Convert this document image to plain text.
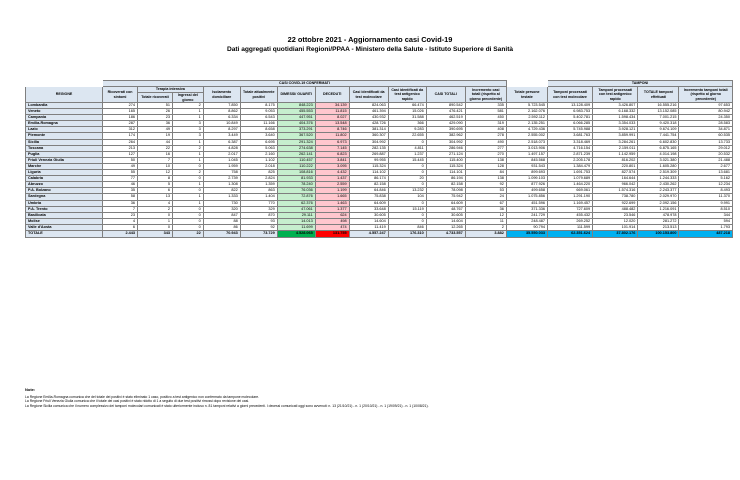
22 ottobre 2021 - Aggiornamento casi Covid-19
Dati aggregati quotidiani Regioni/PPAA - Ministero della Salute - Istituto Superiore di Sanità
	CASI COVID-19 CONFERMATI												TAMPONI			
REGIONE	Ricoverati con sintomi	Terapia intensiva		Isolamento domiciliare	Totale attualmente positivi	DIMESSI/ GUARITI	DECEDUTI	Casi identificati da test molecolare	Casi identificati da test antigenico rapido	CASI TOTALI	Incremento casi totali (rispetto al giorno precedente)	Totale persone testate	Tamponi processati con test molecolare	Tamponi processati con test antigenico rapido	TOTALE tamponi effettuati	Incremento tamponi totali (rispetto al giorno precedente)
		Totale ricoverati	Ingressi del giorno													
Lombardia	274	51	2	7.850	8.175	848.223	34.139	824.063	66.474	890.542	335	5.723.545	13.128.409	3.426.807	16.555.216	97.653
Veneto	165	26	1	8.862	9.053	455.553	11.815	461.394	15.026	476.421	581	2.162.076	6.983.753	6.168.332	13.152.085	80.942
Campania	186	23	1	6.334	6.543	447.951	8.027	430.932	31.588	462.519	450	2.592.112	5.402.781	1.598.434	7.001.215	24.350
Emilia-Romagna	287	36	3	10.849	11.166	404.376	13.548	428.726	366	429.090	319	2.135.251	6.066.285	3.354.033	9.420.318	28.583
Lazio	312	49	3	8.297	8.658	373.291	8.746	381.314	9.283	390.695	408	4.729.436	5.745.988	3.928.121	9.674.109	34.871
Piemonte	174	19	3	3.449	3.640	367.520	11.802	360.307	22.655	382.962	278	2.555.002	3.681.763	3.859.991	7.441.754	60.535
Sicilia	264	44	1	6.387	6.695	291.324	6.973	304.992	0	304.992	490	2.518.073	3.318.469	3.284.261	6.602.830	13.733
Toscana	213	22	2	4.828	5.063	274.638	7.145	282.135	4.811	286.946	277	3.013.906	4.716.154	2.159.011	6.875.165	29.012
Puglia	127	16	1	2.017	2.160	262.141	6.823	269.887	1.237	271.124	270	1.497.157	2.871.239	1.142.959	4.014.198	20.532
Friuli Venezia Giulia	50	7	1	1.045	1.102	110.457	3.841	99.955	15.445	115.400	138	845.568	2.205.178	816.202	3.021.380	21.488
Marche	49	10	0	1.959	2.018	110.222	3.095	115.324	0	115.324	128	931.543	1.384.479	220.801	1.605.280	2.677
Liguria	55	12	2	758	825	108.816	4.432	114.102	0	114.101	84	899.693	1.691.753	827.574	2.519.309	13.681
Calabria	77	8	0	2.739	2.824	81.933	1.437	86.174	20	86.194	138	1.099.103	1.079.689	164.644	1.244.333	5.162
Abruzzo	46	5	1	1.308	1.359	78.240	2.559	82.158	0	82.158	92	877.926	1.464.220	966.042	2.430.262	12.234
P.A. Bolzano	35	6	0	822	863	76.036	1.199	64.846	13.232	78.098	53	499.658	669.061	1.574.316	2.243.377	8.493
Sardegna	58	13	1	1.333	1.404	72.876	1.665	75.838	104	75.942	24	1.075.856	1.291.190	738.780	2.029.970	11.370
Umbria	36	4	1	730	770	62.376	1.463	64.609	0	64.609	67	451.596	1.169.457	922.699	2.092.156	9.991
P.A. Trento	7	2	0	320	329	47.061	1.377	33.648	15.119	48.767	36	371.336	727.609	488.482	1.216.091	8.510
Basilicata	23	0	0	847	870	29.111	624	30.605	0	30.605	12	241.729	455.432	23.546	478.978	344
Molise	4	1	0	88	93	14.013	498	14.604	0	14.604	11	248.487	269.252	12.020	281.272	594
Valle d'Aosta	6	0	0	86	92	11.699	474	11.419	846	12.265	2	90.794	111.599	101.914	213.513	1.793
TOTALE	2.443	343	22	70.943	73.729	4.528.065	131.755	4.557.247	176.310	4.733.557	3.882	35.550.033	62.351.624	37.802.176	100.153.800	487.218
Note:
La Regione Emilia-Romagna comunica che del totale dei positivi è stato eliminato 1 caso, positivo a test antigenico non confermato da tampone molecolare.
La Regione Friuli Venezia Giulia comunica che il totale dei casi positivi è stato ridotto di 1 a seguito di due test positivi rimossi dopo revisione dei casi.
La Regione Sicilia comunica che il numero complessivo dei tamponi molecolari comunicati è stato ulteriormente incluso n. 81 tamponi relativi a giorni precedenti. I decessi comunicati oggi sono avvenuti: n. 13 (21/10/21) - n. 1 (20/10/21) - n. 1 (19/09/21) - n. 1 (10/08/21).
